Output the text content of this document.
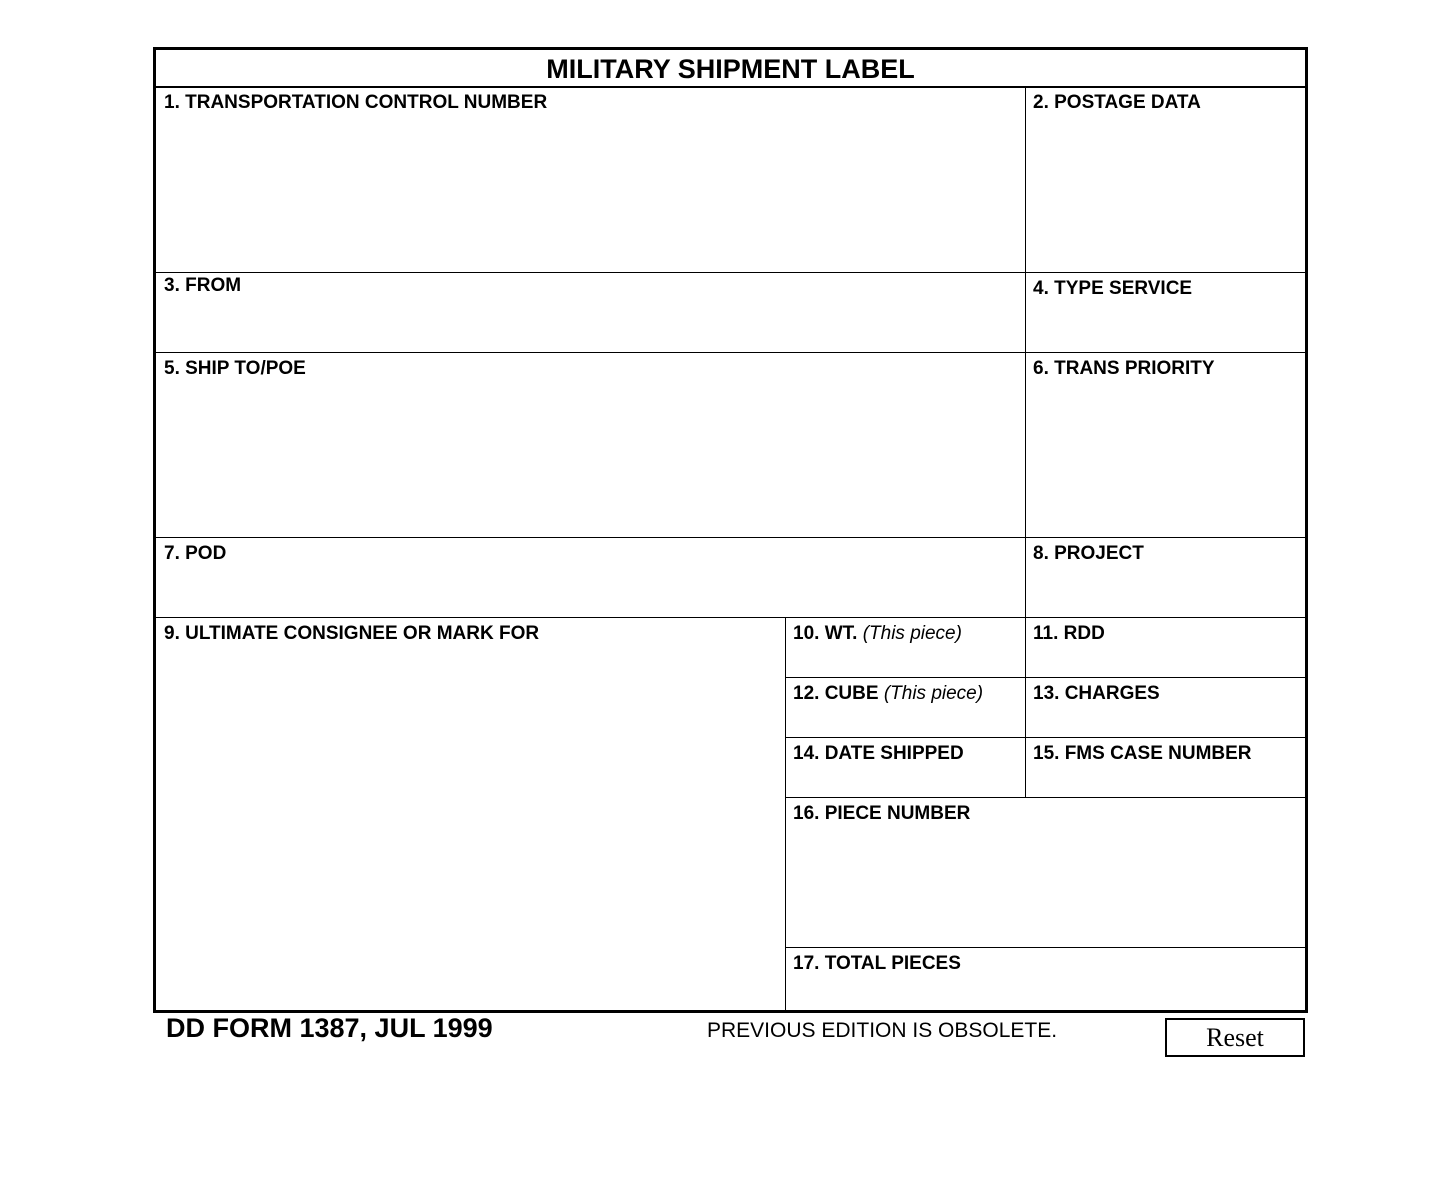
MILITARY SHIPMENT LABEL
1. TRANSPORTATION CONTROL NUMBER	2. POSTAGE DATA
3. FROM	4. TYPE SERVICE
5. SHIP TO/POE	6. TRANS PRIORITY
7. POD	8. PROJECT
9. ULTIMATE CONSIGNEE OR MARK FOR	10. WT. (This piece)	11. RDD
12. CUBE (This piece)	13. CHARGES
14. DATE SHIPPED	15. FMS CASE NUMBER
16. PIECE NUMBER
17. TOTAL PIECES
DD FORM 1387, JUL 1999	PREVIOUS EDITION IS OBSOLETE.	Reset
